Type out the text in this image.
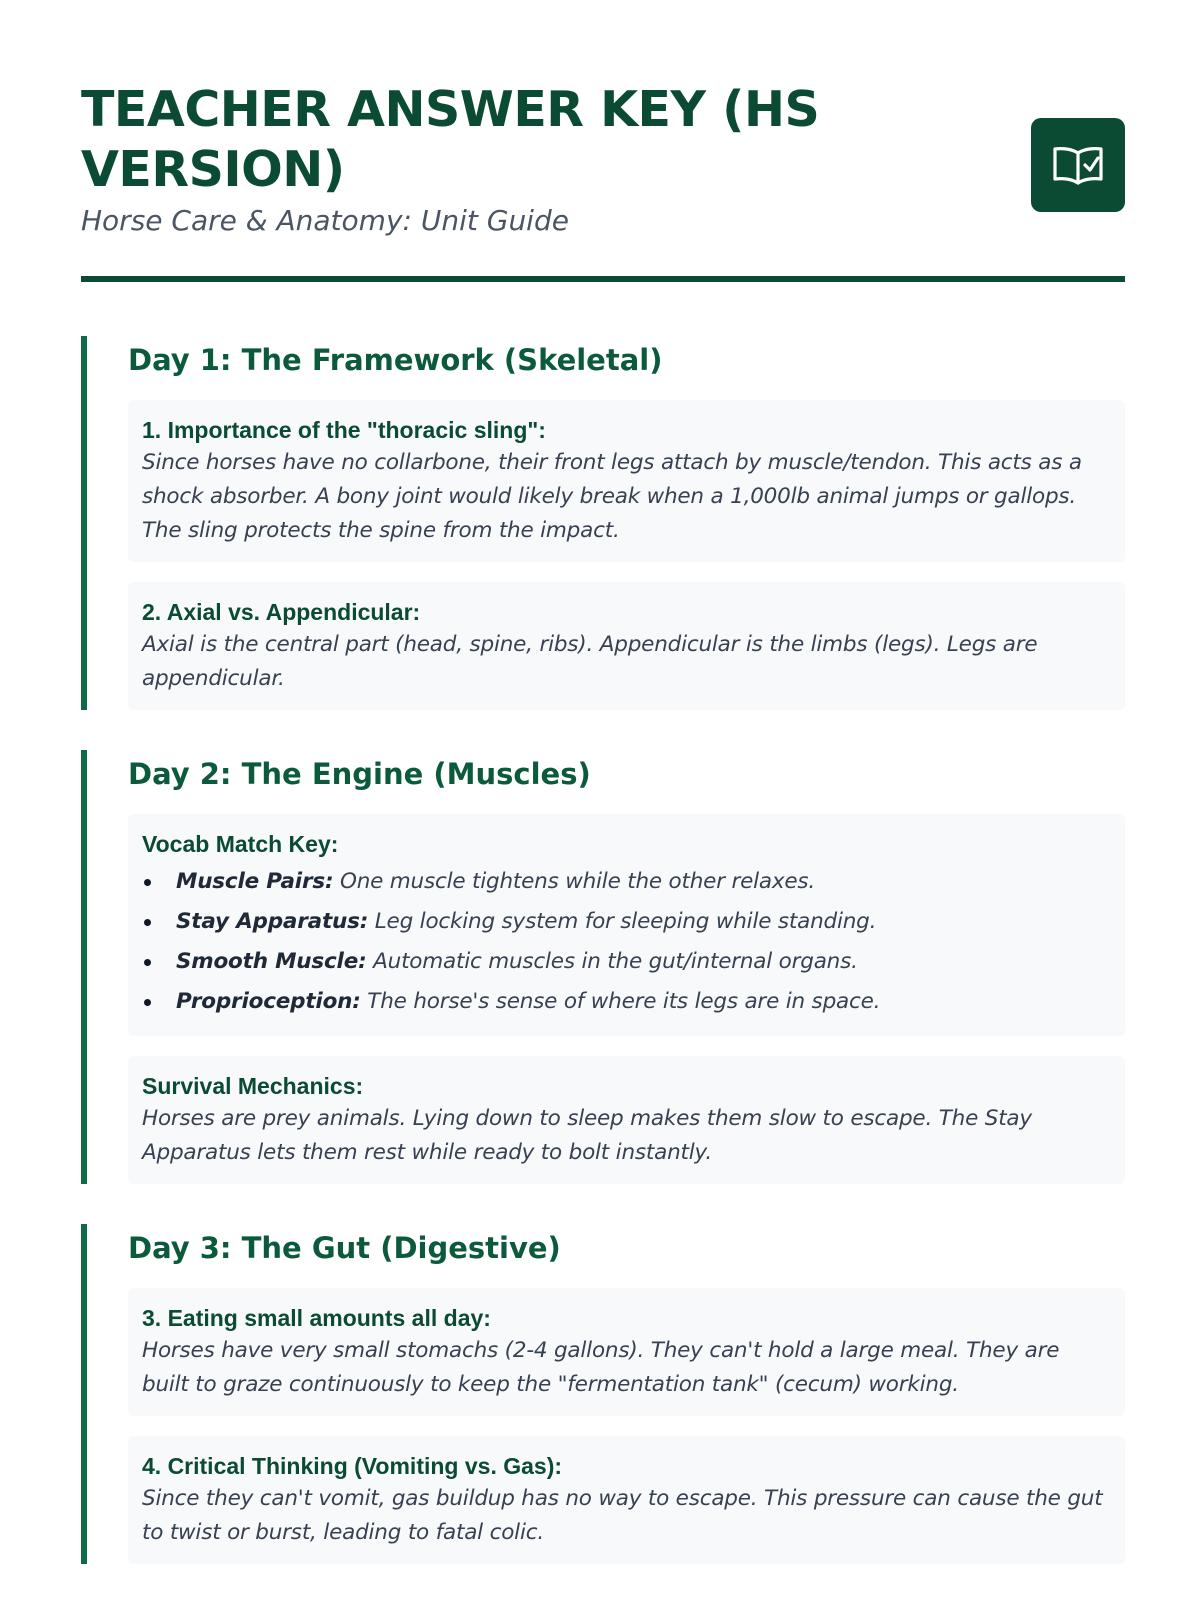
TEACHER ANSWER KEY (HS VERSION)
Horse Care & Anatomy: Unit Guide
Day 1: The Framework (Skeletal)
1. Importance of the "thoracic sling":
Since horses have no collarbone, their front legs attach by muscle/tendon. This acts as a shock absorber. A bony joint would likely break when a 1,000lb animal jumps or gallops. The sling protects the spine from the impact.
2. Axial vs. Appendicular:
Axial is the central part (head, spine, ribs). Appendicular is the limbs (legs). Legs are appendicular.
Day 2: The Engine (Muscles)
Vocab Match Key:
Muscle Pairs: One muscle tightens while the other relaxes.
Stay Apparatus: Leg locking system for sleeping while standing.
Smooth Muscle: Automatic muscles in the gut/internal organs.
Proprioception: The horse's sense of where its legs are in space.
Survival Mechanics:
Horses are prey animals. Lying down to sleep makes them slow to escape. The Stay Apparatus lets them rest while ready to bolt instantly.
Day 3: The Gut (Digestive)
3. Eating small amounts all day:
Horses have very small stomachs (2-4 gallons). They can't hold a large meal. They are built to graze continuously to keep the "fermentation tank" (cecum) working.
4. Critical Thinking (Vomiting vs. Gas):
Since they can't vomit, gas buildup has no way to escape. This pressure can cause the gut to twist or burst, leading to fatal colic.
